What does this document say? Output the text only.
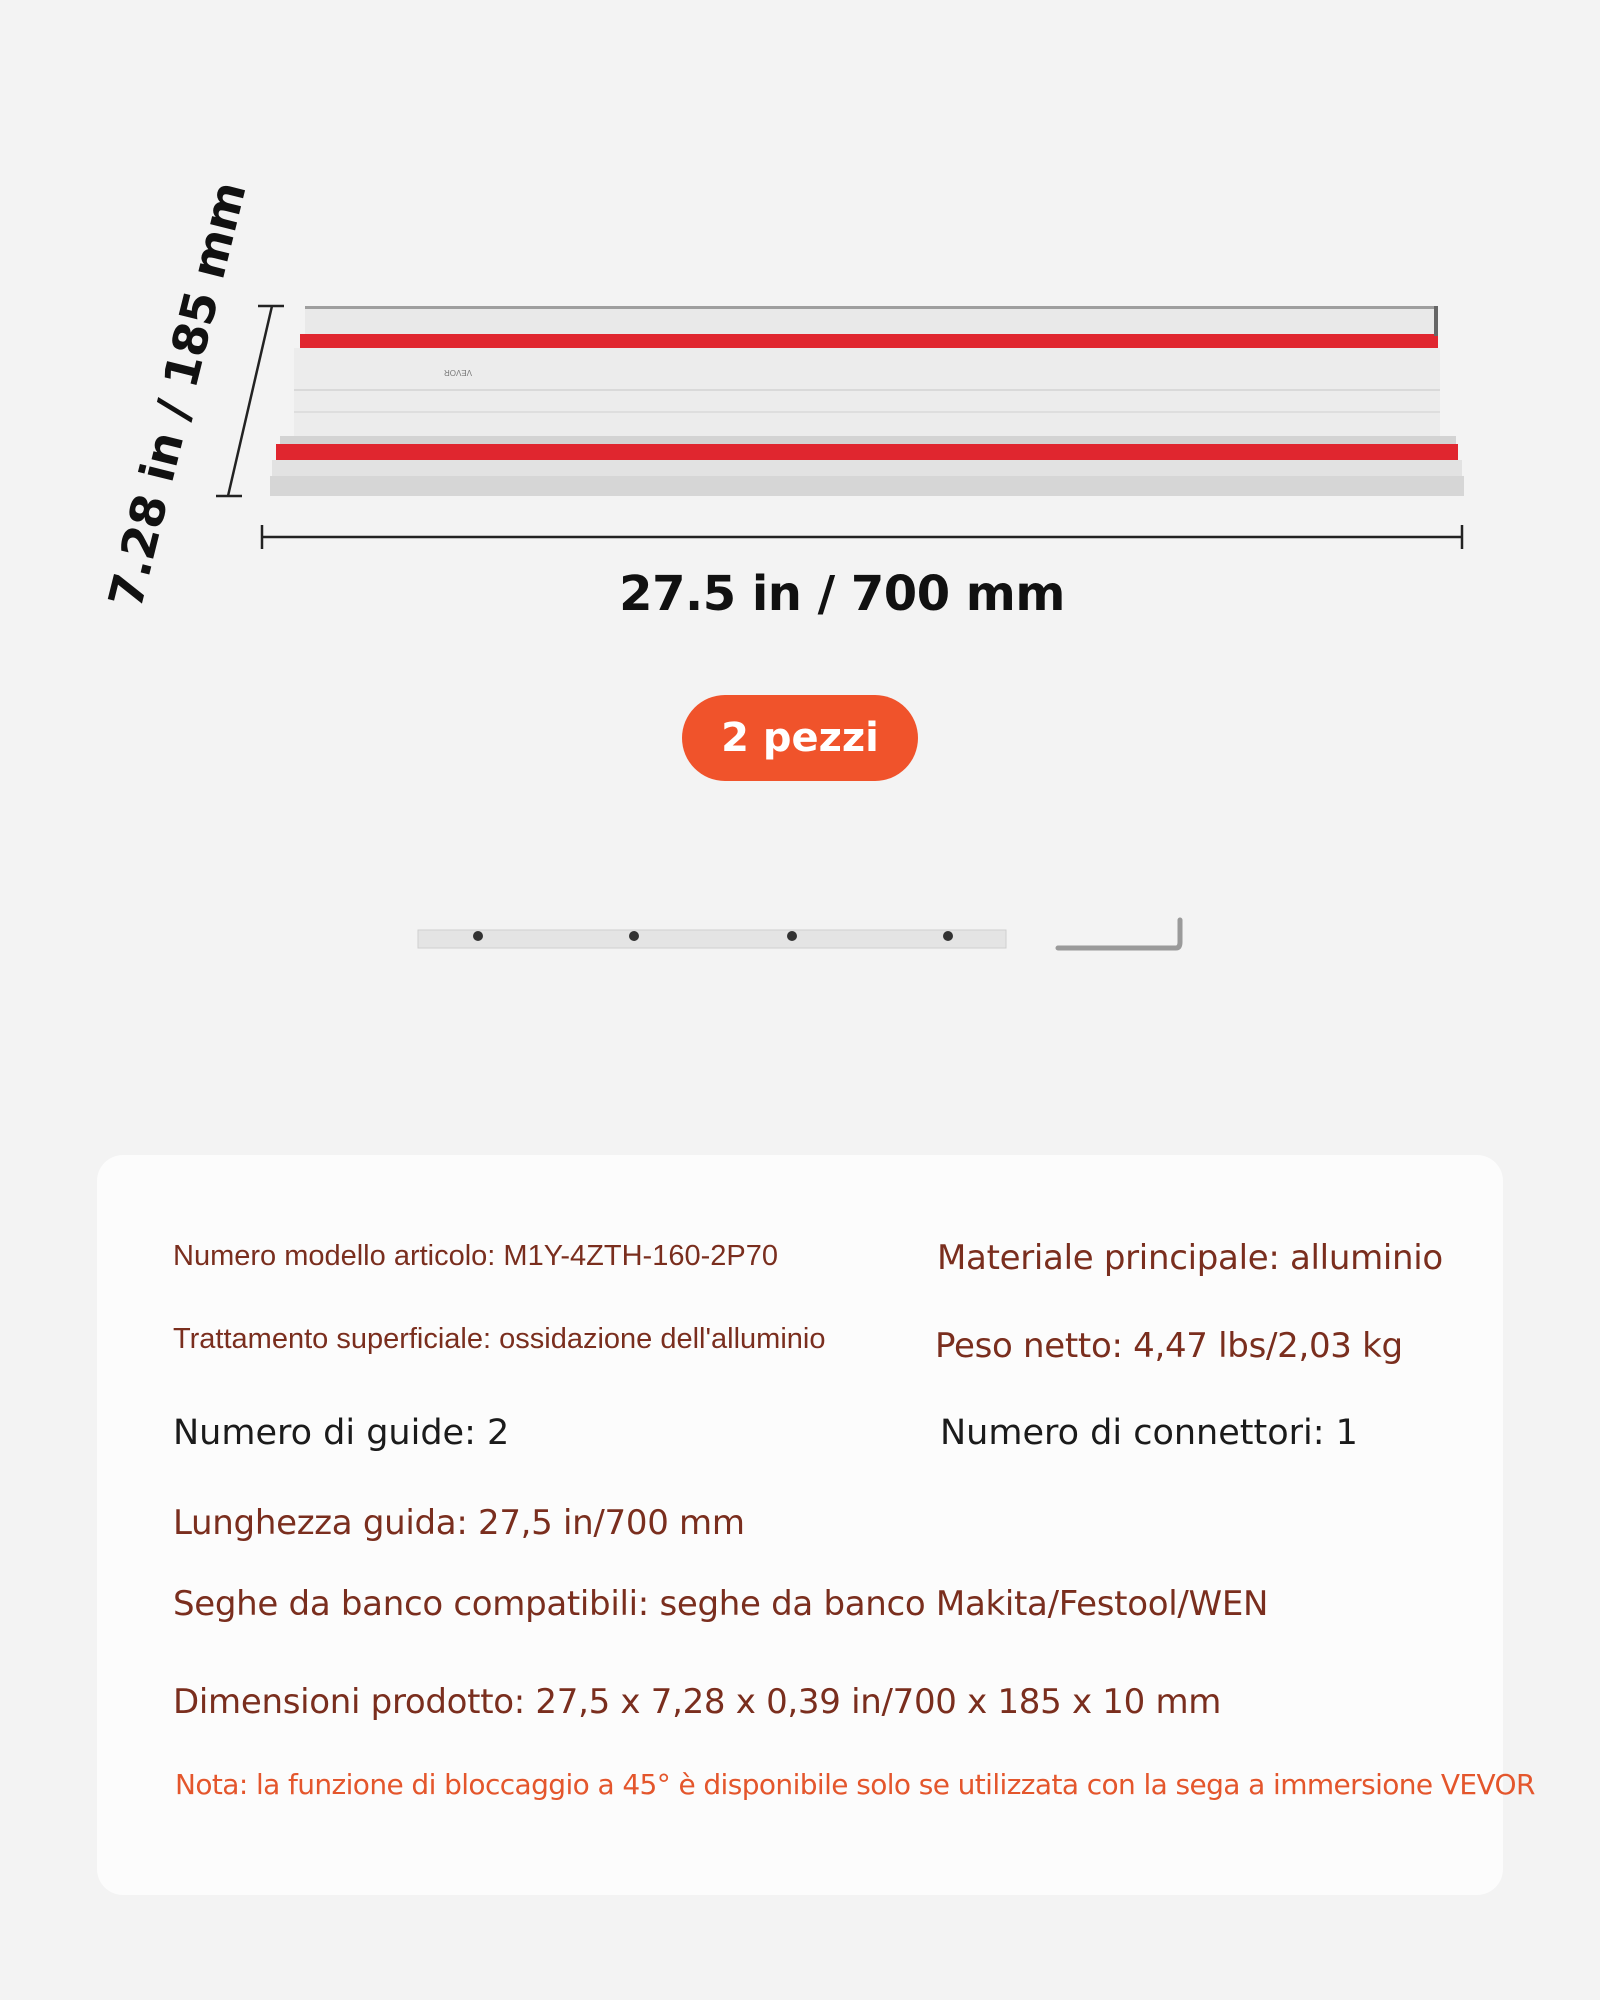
VEVOR
7.28 in / 185 mm	27.5 in / 700 mm
2 pezzi
Numero modello articolo: M1Y-4ZTH-160-2P70	Materiale principale: alluminio
Trattamento superficiale: ossidazione dell'alluminio	Peso netto: 4,47 lbs/2,03 kg
Numero di guide: 2	Numero di connettori: 1
Lunghezza guida: 27,5 in/700 mm
Seghe da banco compatibili: seghe da banco Makita/Festool/WEN
Dimensioni prodotto: 27,5 x 7,28 x 0,39 in/700 x 185 x 10 mm
Nota: la funzione di bloccaggio a 45° è disponibile solo se utilizzata con la sega a immersione VEVOR
